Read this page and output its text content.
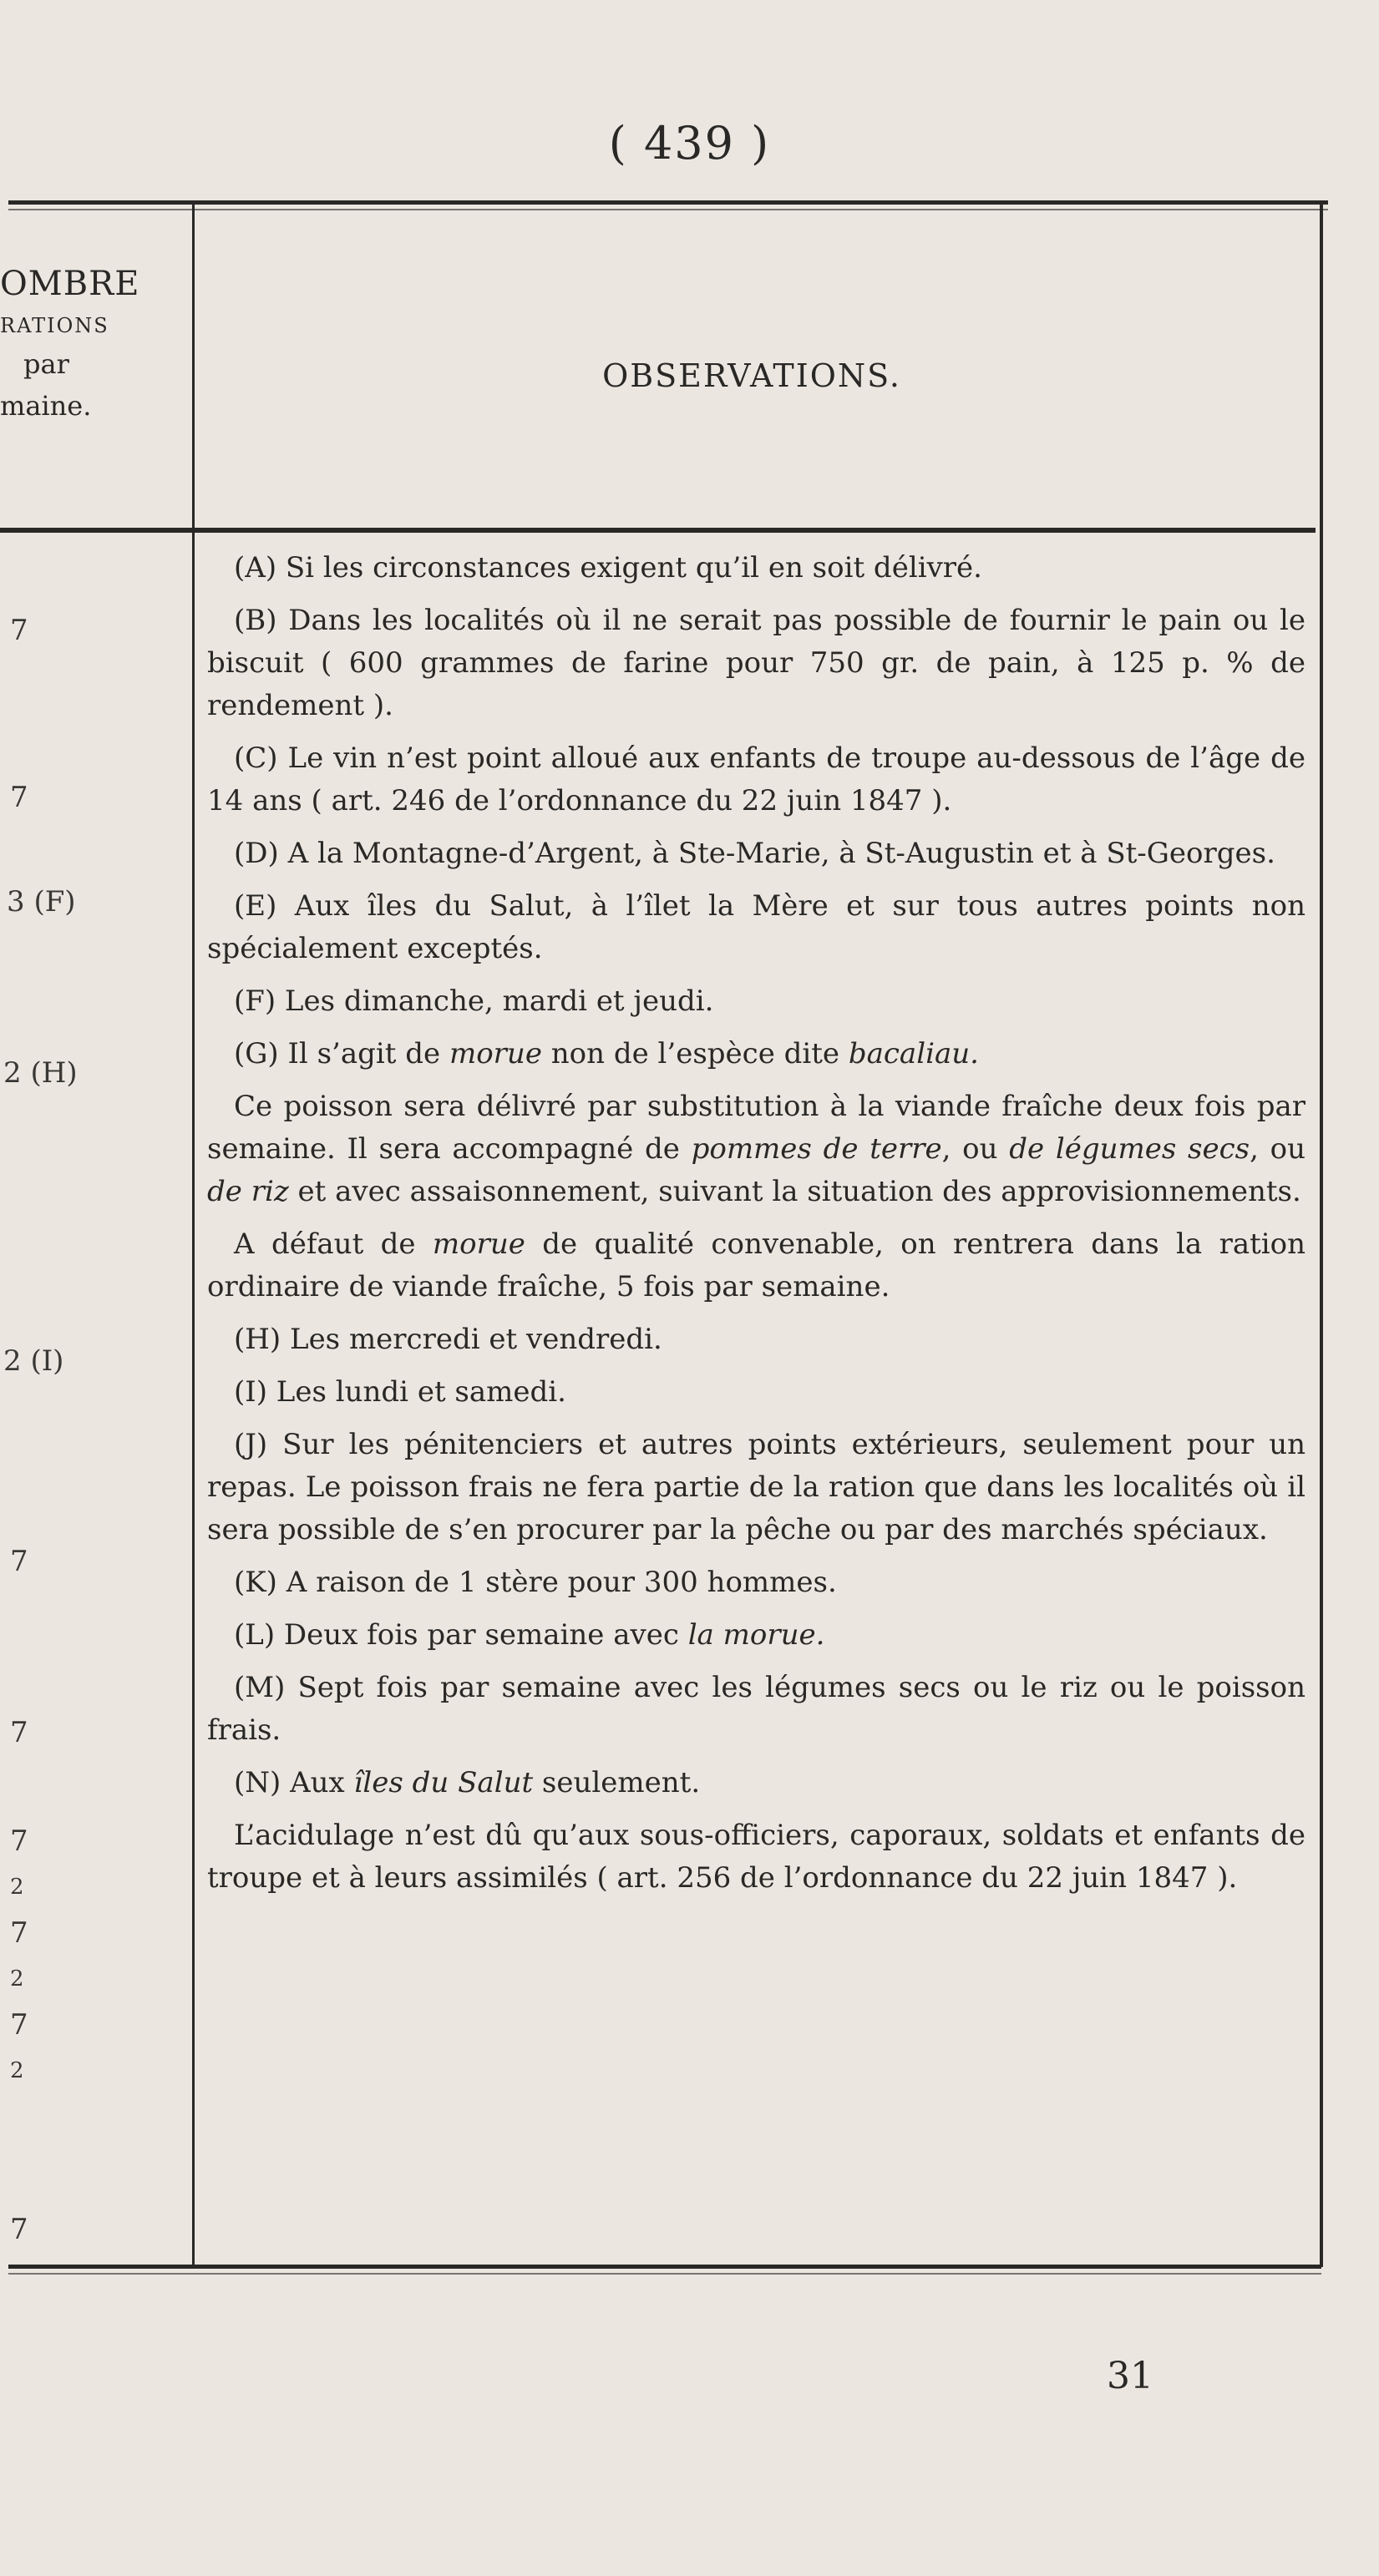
( 439 )
OMBRE
RATIONS
par
maine.
OBSERVATIONS.
7
7
3 (F)
2 (H)
2 (I)
7
7
7
2
7
2
7
2
7

(A) Si les circonstances exigent qu’il en soit délivré.

(B) Dans les localités où il ne serait pas possible de fournir le pain ou le biscuit ( 600 grammes de farine pour 750 gr. de pain, à 125 p. % de rendement ).

(C) Le vin n’est point alloué aux enfants de troupe au-dessous de l’âge de 14 ans ( art. 246 de l’ordonnance du 22 juin 1847 ).

(D) A la Montagne-d’Argent, à Ste-Marie, à St-Augustin et à St-Georges.

(E) Aux îles du Salut, à l’îlet la Mère et sur tous autres points non spécialement exceptés.

(F) Les dimanche, mardi et jeudi.

(G) Il s’agit de morue non de l’espèce dite bacaliau.

Ce poisson sera délivré par substitution à la viande fraîche deux fois par semaine. Il sera accompagné de pommes de terre, ou de légumes secs, ou de riz et avec assaisonnement, suivant la situation des approvisionnements.

A défaut de morue de qualité convenable, on rentrera dans la ration ordinaire de viande fraîche, 5 fois par semaine.

(H) Les mercredi et vendredi.

(I) Les lundi et samedi.

(J) Sur les pénitenciers et autres points extérieurs, seulement pour un repas. Le poisson frais ne fera partie de la ration que dans les localités où il sera possible de s’en procurer par la pêche ou par des marchés spéciaux.

(K) A raison de 1 stère pour 300 hommes.

(L) Deux fois par semaine avec la morue.

(M) Sept fois par semaine avec les légumes secs ou le riz ou le poisson frais.

(N) Aux îles du Salut seulement.

L’acidulage n’est dû qu’aux sous-officiers, caporaux, soldats et enfants de troupe et à leurs assimilés ( art. 256 de l’ordonnance du 22 juin 1847 ).

31
